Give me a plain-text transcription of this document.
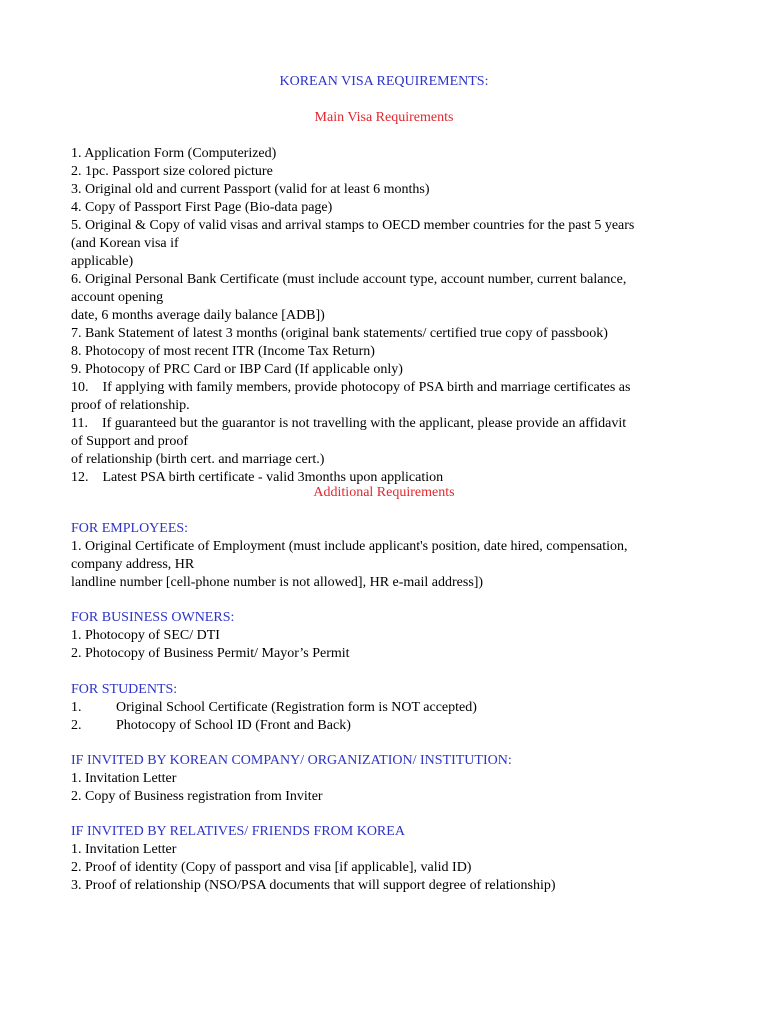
KOREAN VISA REQUIREMENTS:
Main Visa Requirements
1. Application Form (Computerized)
2. 1pc. Passport size colored picture
3. Original old and current Passport (valid for at least 6 months)
4. Copy of Passport First Page (Bio-data page)
5. Original & Copy of valid visas and arrival stamps to OECD member countries for the past 5 years
(and Korean visa if
applicable)
6. Original Personal Bank Certificate (must include account type, account number, current balance,
account opening
date, 6 months average daily balance [ADB])
7. Bank Statement of latest 3 months (original bank statements/ certified true copy of passbook)
8. Photocopy of most recent ITR (Income Tax Return)
9. Photocopy of PRC Card or IBP Card (If applicable only)
10.    If applying with family members, provide photocopy of PSA birth and marriage certificates as
proof of relationship.
11.    If guaranteed but the guarantor is not travelling with the applicant, please provide an affidavit
of Support and proof
of relationship (birth cert. and marriage cert.)
12.    Latest PSA birth certificate - valid 3months upon application
Additional Requirements
FOR EMPLOYEES:
1. Original Certificate of Employment (must include applicant's position, date hired, compensation,
company address, HR
landline number [cell-phone number is not allowed], HR e-mail address])
FOR BUSINESS OWNERS:
1. Photocopy of SEC/ DTI
2. Photocopy of Business Permit/ Mayor’s Permit
FOR STUDENTS:
1. Original School Certificate (Registration form is NOT accepted)
2. Photocopy of School ID (Front and Back)
IF INVITED BY KOREAN COMPANY/ ORGANIZATION/ INSTITUTION:
1. Invitation Letter
2. Copy of Business registration from Inviter
IF INVITED BY RELATIVES/ FRIENDS FROM KOREA
1. Invitation Letter
2. Proof of identity (Copy of passport and visa [if applicable], valid ID)
3. Proof of relationship (NSO/PSA documents that will support degree of relationship)
